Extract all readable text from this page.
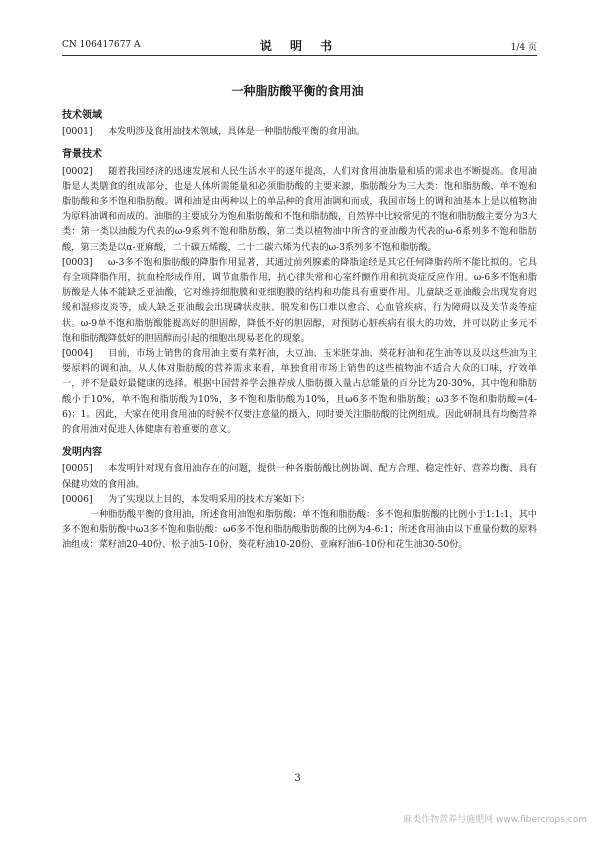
CN 106417677 A	说 明 书	1/4 页
一种脂肪酸平衡的食用油
技术领域

[0001] 本发明涉及食用油技术领域，具体是一种脂肪酸平衡的食用油。

背景技术

[0002] 随着我国经济的迅速发展和人民生活水平的逐年提高，人们对食用油脂量和质的需求也不断提高。食用油脂是人类膳食的组成部分，也是人体所需能量和必须脂肪酸的主要来源，脂肪酸分为三大类：饱和脂肪酸、单不饱和脂肪酸和多不饱和脂肪酸。调和油是由两种以上的单品种的食用油调和而成，我国市场上的调和油基本上是以植物油为原料油调和而成的。油脂的主要成分为饱和脂肪酸和不饱和脂肪酸，自然界中比较常见的不饱和脂肪酸主要分为3大类：第一类以油酸为代表的ω-9系列不饱和脂肪酸，第二类以植物油中所含的亚油酸为代表的ω-6系列多不饱和脂肪酸，第三类是以α-亚麻酸，二十碳五烯酸，二十二碳六烯为代表的ω-3系列多不饱和脂肪酸。

[0003] ω-3多不饱和脂肪酸的降脂作用显著，其通过前列腺素的降脂途经是其它任何降脂药所不能比拟的。它具有全项降脂作用，抗血栓形成作用，调节血脂作用，抗心律失常和心室纤颤作用和抗炎症反应作用。ω-6多不饱和脂肪酸是人体不能缺乏亚油酸，它对维持细胞膜和亚细胞膜的结构和功能具有重要作用。儿童缺乏亚油酸会出现发育迟缓和湿疹皮炎等，成人缺乏亚油酸会出现磷状皮肤、脱发和伤口难以愈合、心血管疾病、行为障碍以及关节炎等症状。ω-9单不饱和脂肪酸能提高好的胆固醇，降低不好的胆固醇，对预防心脏疾病有很大的功效，并可以防止多元不饱和脂肪酸降低好的胆固醇而引起的细胞出现易老化的现象。

[0004] 目前，市场上销售的食用油主要有菜籽油，大豆油、玉米胚芽油、葵花籽油和花生油等以及以这些油为主要原料的调和油，从人体对脂肪酸的营养需求来看，单独食用市场上销售的这些植物油不适合大众的口味，疗效单一，并不是最好最健康的选择。根据中国营养学会推荐成人脂肪摄入量占总能量的百分比为20-30%，其中饱和脂肪酸小于10%，单不饱和脂肪酸为10%，多不饱和脂肪酸为10%，且ω6多不饱和脂肪酸：ω3多不饱和脂肪酸=(4-6)：1。因此，大家在使用食用油的时候不仅要注意量的摄入，同时要关注脂肪酸的比例组成。因此研制具有均衡营养的食用油对促进人体健康有着重要的意义。

发明内容

[0005] 本发明针对现有食用油存在的问题，提供一种各脂肪酸比例协调、配方合理、稳定性好、营养均衡、具有保健功效的食用油。

[0006] 为了实现以上目的，本发明采用的技术方案如下：

一种脂肪酸平衡的食用油，所述食用油饱和脂肪酸：单不饱和脂肪酸：多不饱和脂肪酸的比例小于1:1:1，其中多不饱和脂肪酸中ω3多不饱和脂肪酸：ω6多不饱和脂肪酸脂肪酸的比例为4-6:1；所述食用油由以下重量份数的原料油组成：菜籽油20-40份、松子油5-10份、葵花籽油10-20份、亚麻籽油6-10份和花生油30-50份。

3
麻类作物营养与施肥网 www.fibercrops.com
